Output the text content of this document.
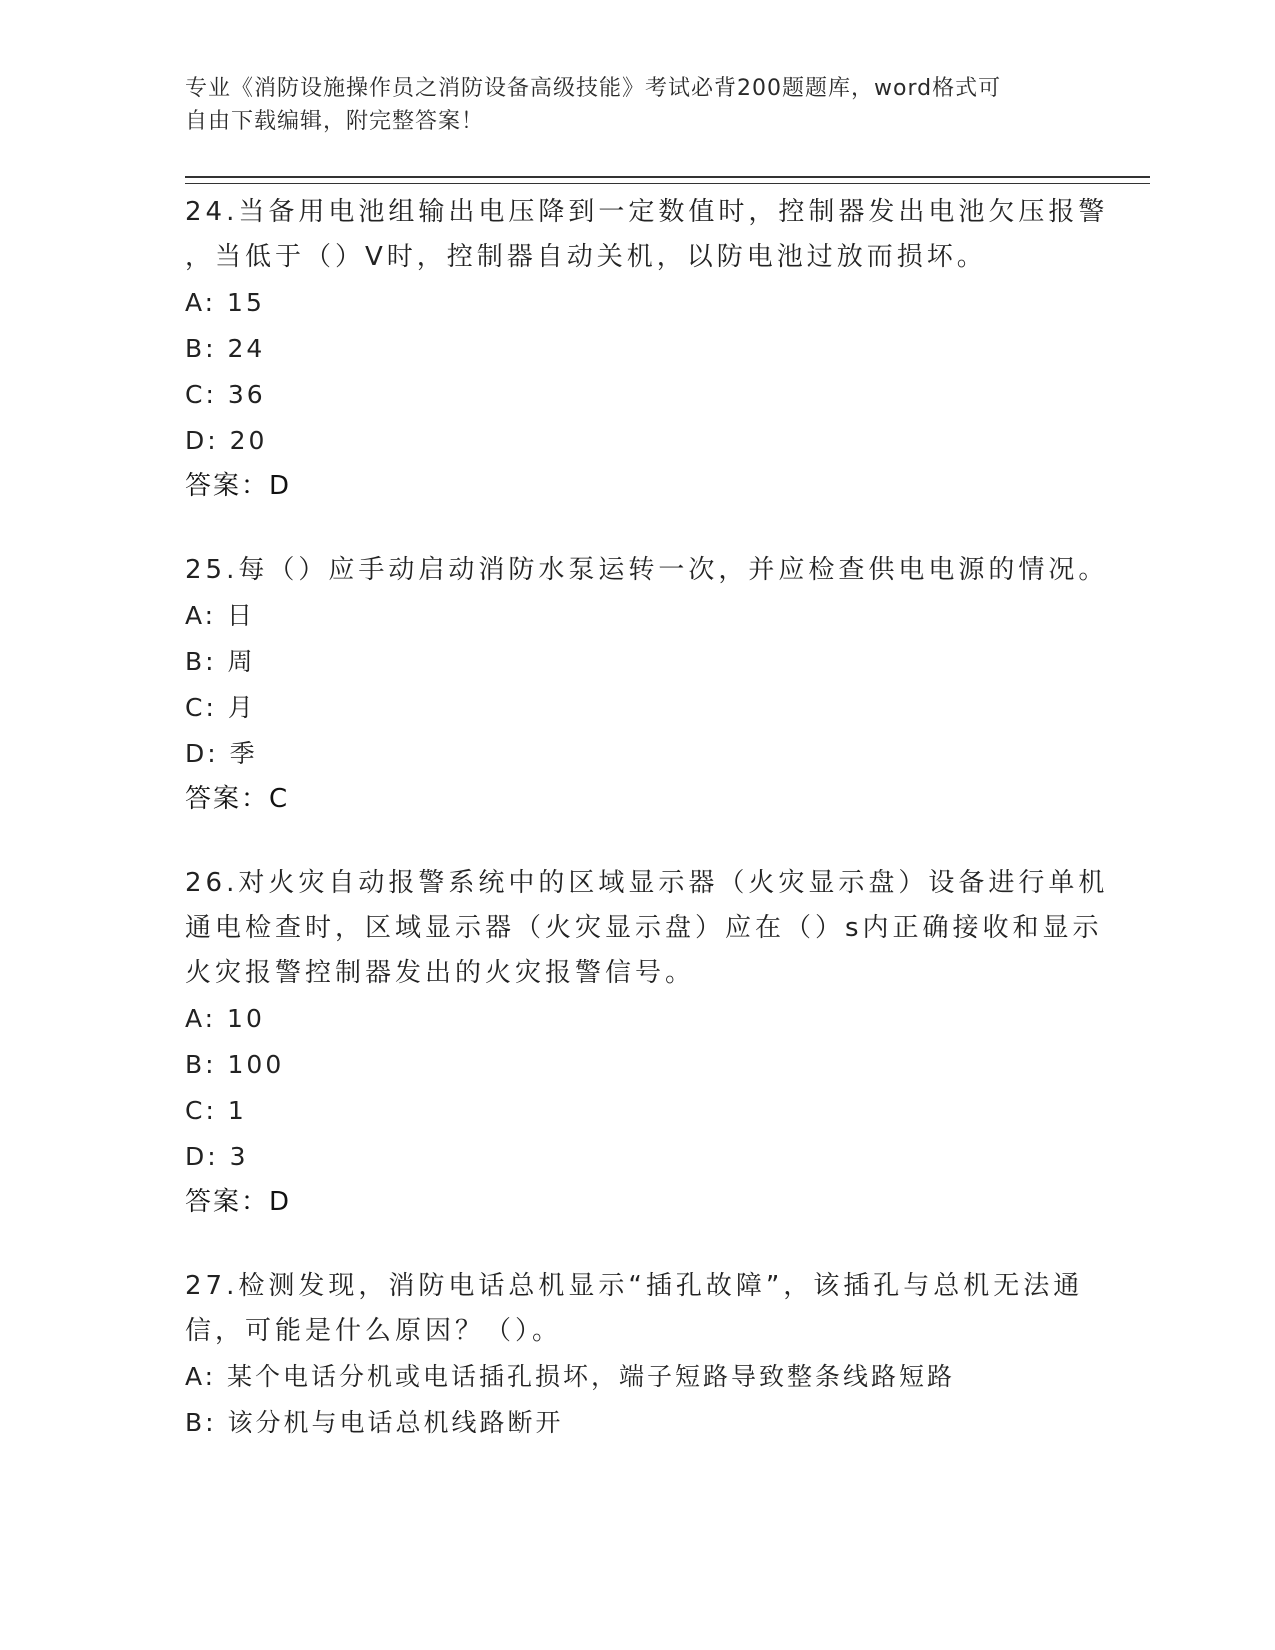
专业《消防设施操作员之消防设备高级技能》考试必背200题题库，word格式可
自由下载编辑，附完整答案！
24.当备用电池组输出电压降到一定数值时，控制器发出电池欠压报警
，当低于（）V时，控制器自动关机，以防电池过放而损坏。
A: 15
B: 24
C: 36
D: 20
答案：D
25.每（）应手动启动消防水泵运转一次，并应检查供电电源的情况。
A: 日
B: 周
C: 月
D: 季
答案：C
26.对火灾自动报警系统中的区域显示器（火灾显示盘）设备进行单机
通电检查时，区域显示器（火灾显示盘）应在（）s内正确接收和显示
火灾报警控制器发出的火灾报警信号。
A: 10
B: 100
C: 1
D: 3
答案：D
27.检测发现，消防电话总机显示“插孔故障”，该插孔与总机无法通
信，可能是什么原因？（）。
A: 某个电话分机或电话插孔损坏，端子短路导致整条线路短路
B: 该分机与电话总机线路断开
